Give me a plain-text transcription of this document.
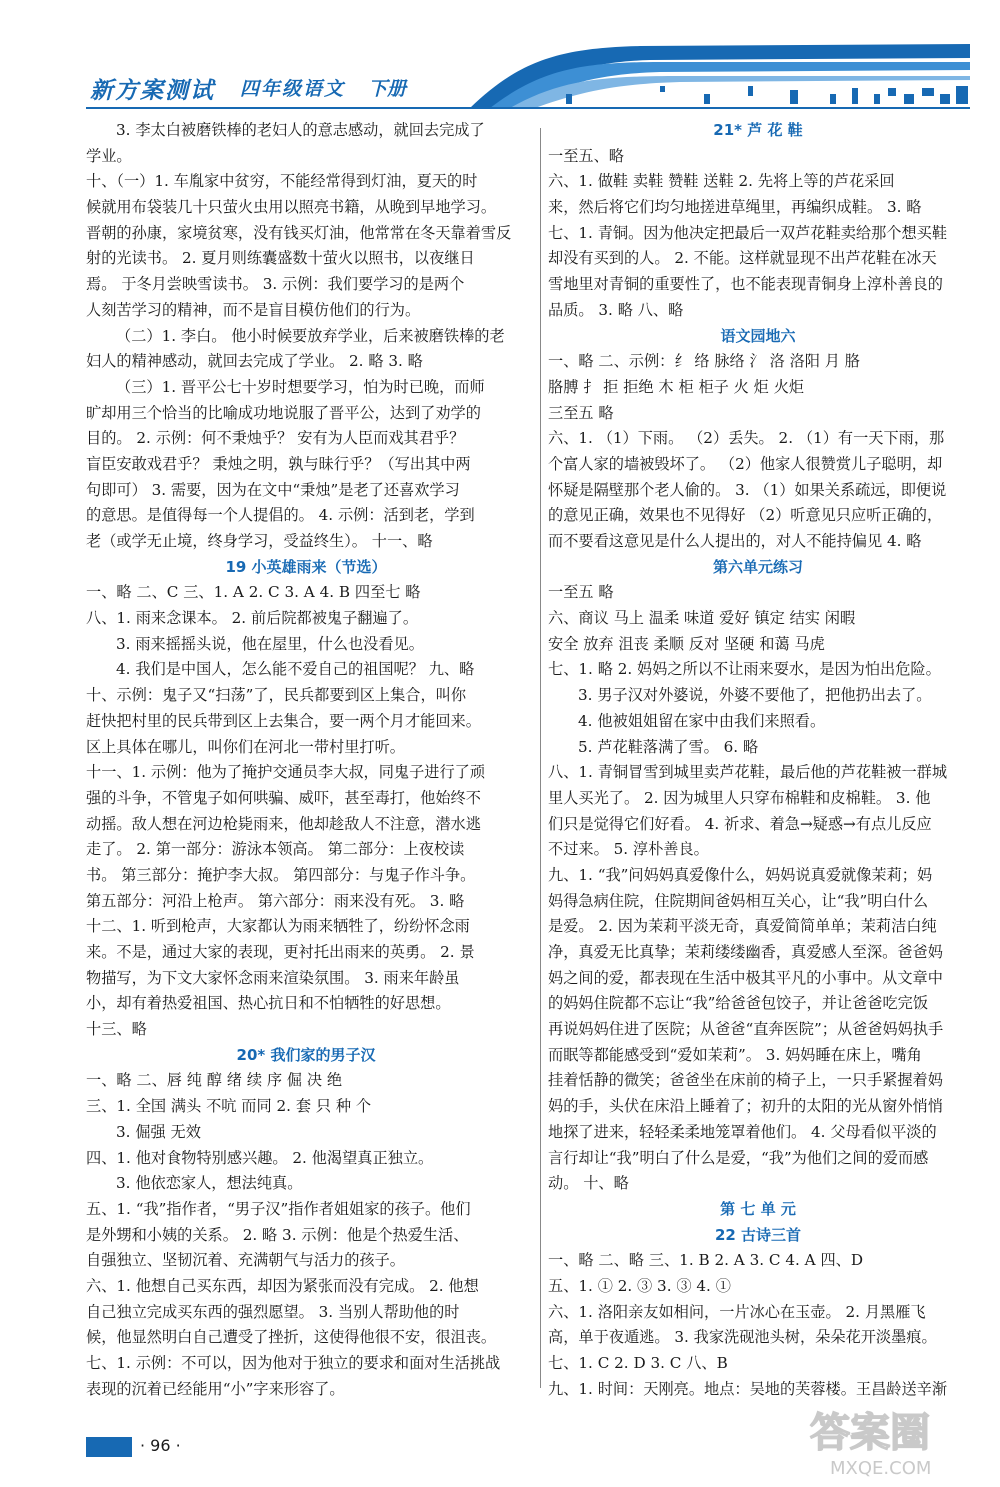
新方案测试 四年级语文 下册
3. 李太白被磨铁棒的老妇人的意志感动，就回去完成了
学业。
十、（一）1. 车胤家中贫穷，不能经常得到灯油，夏天的时
候就用布袋装几十只萤火虫用以照亮书籍，从晚到早地学习。
晋朝的孙康，家境贫寒，没有钱买灯油，他常常在冬天靠着雪反
射的光读书。 2. 夏月则练囊盛数十萤火以照书，以夜继日
焉。 于冬月尝映雪读书。 3. 示例：我们要学习的是两个
人刻苦学习的精神，而不是盲目模仿他们的行为。
（二）1. 李白。 他小时候要放弃学业，后来被磨铁棒的老
妇人的精神感动，就回去完成了学业。 2. 略 3. 略
（三）1. 晋平公七十岁时想要学习，怕为时已晚，而师
旷却用三个恰当的比喻成功地说服了晋平公，达到了劝学的
目的。 2. 示例：何不秉烛乎？ 安有为人臣而戏其君乎？
盲臣安敢戏君乎？ 秉烛之明，孰与昧行乎？（写出其中两
句即可） 3. 需要，因为在文中“秉烛”是老了还喜欢学习
的意思。是值得每一个人提倡的。 4. 示例：活到老，学到
老（或学无止境，终身学习，受益终生）。 十一、略
19 小英雄雨来（节选）
一、略 二、C 三、1. A 2. C 3. A 4. B 四至七 略
八、1. 雨来念课本。 2. 前后院都被鬼子翻遍了。
3. 雨来摇摇头说，他在屋里，什么也没看见。
4. 我们是中国人，怎么能不爱自己的祖国呢？ 九、略
十、示例：鬼子又“扫荡”了，民兵都要到区上集合，叫你
赶快把村里的民兵带到区上去集合，要一两个月才能回来。
区上具体在哪儿，叫你们在河北一带村里打听。
十一、1. 示例：他为了掩护交通员李大叔，同鬼子进行了顽
强的斗争，不管鬼子如何哄骗、威吓，甚至毒打，他始终不
动摇。敌人想在河边枪毙雨来，他却趁敌人不注意，潜水逃
走了。 2. 第一部分：游泳本领高。 第二部分：上夜校读
书。 第三部分：掩护李大叔。 第四部分：与鬼子作斗争。
第五部分：河沿上枪声。 第六部分：雨来没有死。 3. 略
十二、1. 听到枪声，大家都认为雨来牺牲了，纷纷怀念雨
来。不是，通过大家的表现，更衬托出雨来的英勇。 2. 景
物描写，为下文大家怀念雨来渲染氛围。 3. 雨来年龄虽
小，却有着热爱祖国、热心抗日和不怕牺牲的好思想。
十三、略
20* 我们家的男子汉
一、略 二、唇 纯 醇 绪 续 序 倔 决 绝
三、1. 全国 满头 不吭 而同 2. 套 只 种 个
3. 倔强 无效
四、1. 他对食物特别感兴趣。 2. 他渴望真正独立。
3. 他依恋家人，想法纯真。
五、1. “我”指作者，“男子汉”指作者姐姐家的孩子。他们
是外甥和小姨的关系。 2. 略 3. 示例：他是个热爱生活、
自强独立、坚韧沉着、充满朝气与活力的孩子。
六、1. 他想自己买东西，却因为紧张而没有完成。 2. 他想
自己独立完成买东西的强烈愿望。 3. 当别人帮助他的时
候，他显然明白自己遭受了挫折，这使得他很不安，很沮丧。
七、1. 示例：不可以，因为他对于独立的要求和面对生活挑战
表现的沉着已经能用“小”字来形容了。
21* 芦 花 鞋
一至五、略
六、1. 做鞋 卖鞋 赞鞋 送鞋 2. 先将上等的芦花采回
来，然后将它们均匀地搓进草绳里，再编织成鞋。 3. 略
七、1. 青铜。因为他决定把最后一双芦花鞋卖给那个想买鞋
却没有买到的人。 2. 不能。这样就显现不出芦花鞋在冰天
雪地里对青铜的重要性了，也不能表现青铜身上淳朴善良的
品质。 3. 略 八、略
语文园地六
一、略 二、示例：纟 络 脉络 氵 洛 洛阳 月 胳
胳膊 扌 拒 拒绝 木 柜 柜子 火 炬 火炬
三至五 略
六、1. （1）下雨。 （2）丢失。 2. （1）有一天下雨，那
个富人家的墙被毁坏了。 （2）他家人很赞赏儿子聪明，却
怀疑是隔壁那个老人偷的。 3. （1）如果关系疏远，即便说
的意见正确，效果也不见得好 （2）听意见只应听正确的，
而不要看这意见是什么人提出的，对人不能持偏见 4. 略
第六单元练习
一至五 略
六、商议 马上 温柔 味道 爱好 镇定 结实 闲暇
安全 放弃 沮丧 柔顺 反对 坚硬 和蔼 马虎
七、1. 略 2. 妈妈之所以不让雨来耍水，是因为怕出危险。
3. 男子汉对外婆说，外婆不要他了，把他扔出去了。
4. 他被姐姐留在家中由我们来照看。
5. 芦花鞋落满了雪。 6. 略
八、1. 青铜冒雪到城里卖芦花鞋，最后他的芦花鞋被一群城
里人买光了。 2. 因为城里人只穿布棉鞋和皮棉鞋。 3. 他
们只是觉得它们好看。 4. 祈求、着急→疑惑→有点儿反应
不过来。 5. 淳朴善良。
九、1. “我”问妈妈真爱像什么，妈妈说真爱就像茉莉；妈
妈得急病住院，住院期间爸妈相互关心，让“我”明白什么
是爱。 2. 因为茉莉平淡无奇，真爱简简单单；茉莉洁白纯
净，真爱无比真挚；茉莉缕缕幽香，真爱感人至深。爸爸妈
妈之间的爱，都表现在生活中极其平凡的小事中。从文章中
的妈妈住院都不忘让“我”给爸爸包饺子，并让爸爸吃完饭
再说妈妈住进了医院；从爸爸“直奔医院”；从爸爸妈妈执手
而眠等都能感受到“爱如茉莉”。 3. 妈妈睡在床上，嘴角
挂着恬静的微笑；爸爸坐在床前的椅子上，一只手紧握着妈
妈的手，头伏在床沿上睡着了；初升的太阳的光从窗外悄悄
地探了进来，轻轻柔柔地笼罩着他们。 4. 父母看似平淡的
言行却让“我”明白了什么是爱，“我”为他们之间的爱而感
动。 十、略
第 七 单 元
22 古诗三首
一、略 二、略 三、1. B 2. A 3. C 4. A 四、D
五、1. ① 2. ③ 3. ③ 4. ①
六、1. 洛阳亲友如相问，一片冰心在玉壶。 2. 月黑雁飞
高，单于夜遁逃。 3. 我家洗砚池头树，朵朵花开淡墨痕。
七、1. C 2. D 3. C 八、B
九、1. 时间：天刚亮。地点：吴地的芙蓉楼。王昌龄送辛渐
· 96 ·	答案圈
MXQE.COM
